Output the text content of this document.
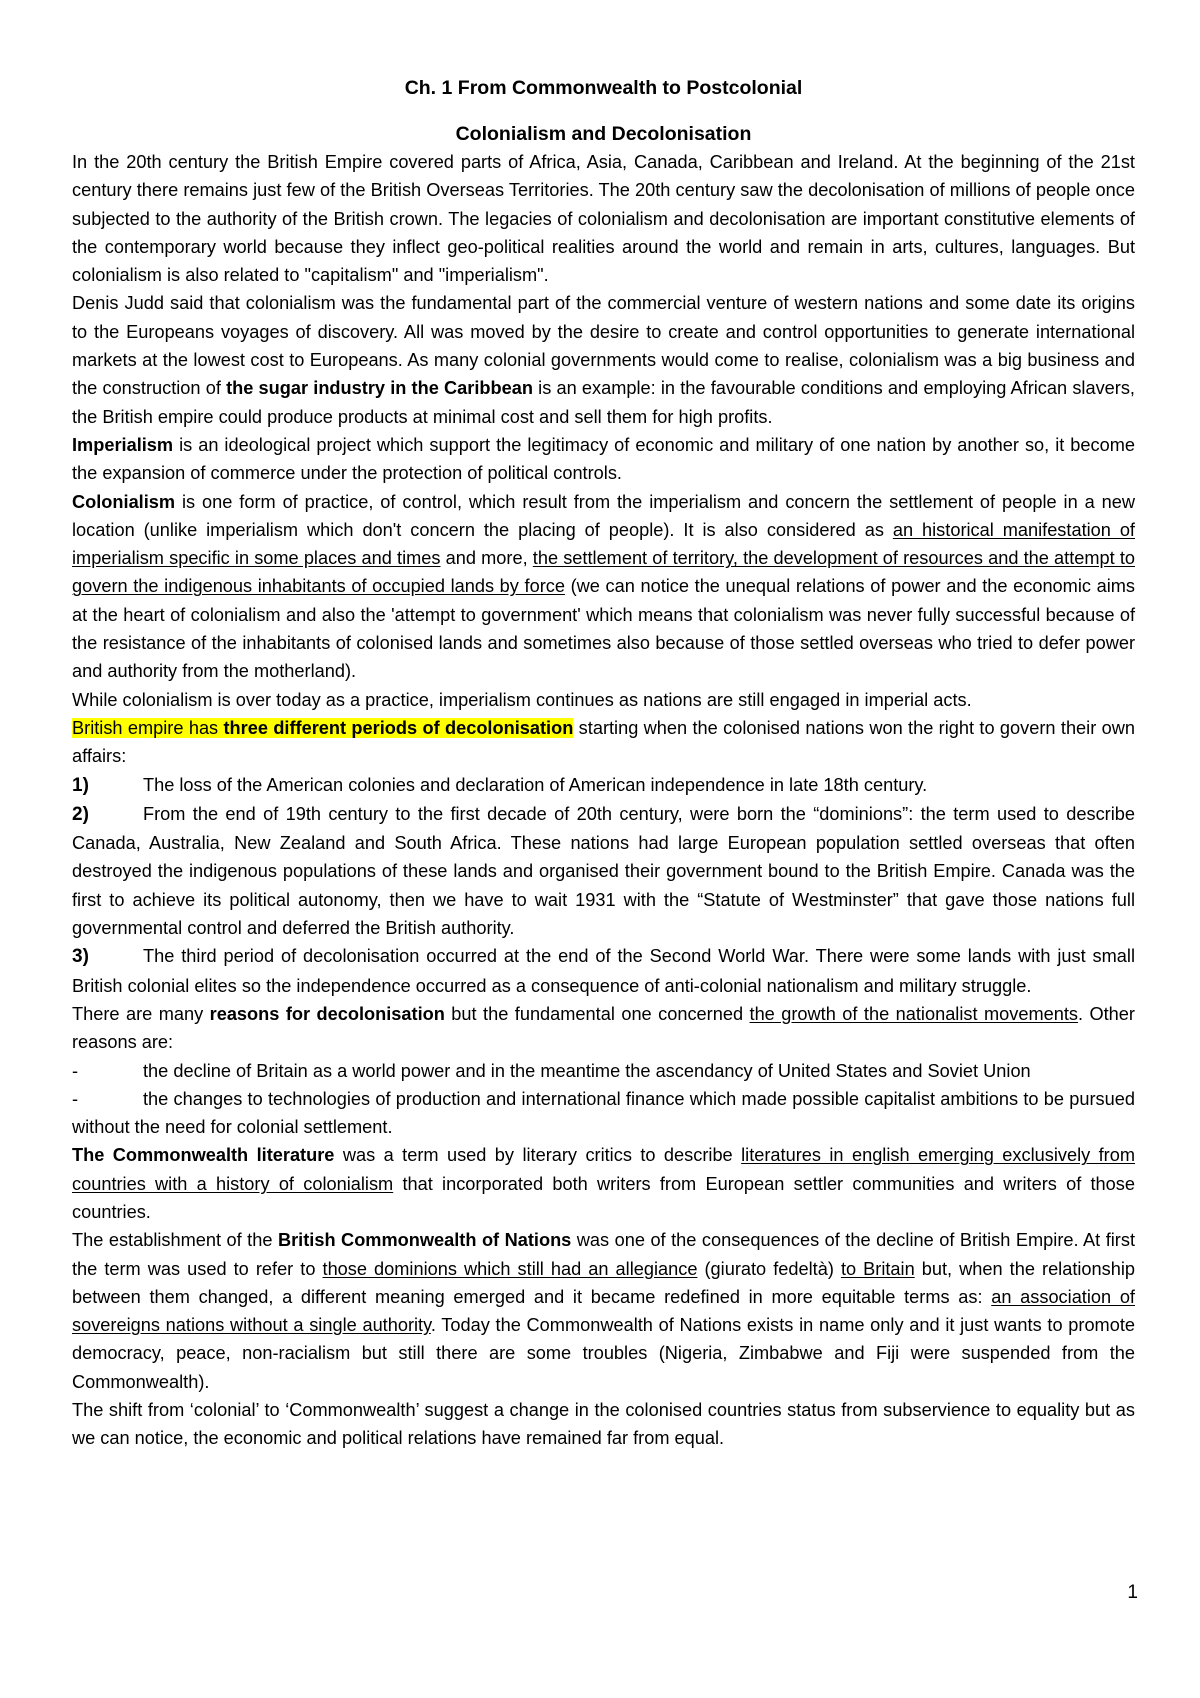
Ch. 1 From Commonwealth to Postcolonial
Colonialism and Decolonisation

In the 20th century the British Empire covered parts of Africa, Asia, Canada, Caribbean and Ireland. At the beginning of the 21st century there remains just few of the British Overseas Territories. The 20th century saw the decolonisation of millions of people once subjected to the authority of the British crown. The legacies of colonialism and decolonisation are important constitutive elements of the contemporary world because they inflect geo-political realities around the world and remain in arts, cultures, languages. But colonialism is also related to "capitalism" and "imperialism".

Denis Judd said that colonialism was the fundamental part of the commercial venture of western nations and some date its origins to the Europeans voyages of discovery. All was moved by the desire to create and control opportunities to generate international markets at the lowest cost to Europeans. As many colonial governments would come to realise, colonialism was a big business and the construction of the sugar industry in the Caribbean is an example: in the favourable conditions and employing African slavers, the British empire could produce products at minimal cost and sell them for high profits.

Imperialism is an ideological project which support the legitimacy of economic and military of one nation by another so, it become the expansion of commerce under the protection of political controls.

Colonialism is one form of practice, of control, which result from the imperialism and concern the settlement of people in a new location (unlike imperialism which don't concern the placing of people). It is also considered as an historical manifestation of imperialism specific in some places and times and more, the settlement of territory, the development of resources and the attempt to govern the indigenous inhabitants of occupied lands by force (we can notice the unequal relations of power and the economic aims at the heart of colonialism and also the 'attempt to government' which means that colonialism was never fully successful because of the resistance of the inhabitants of colonised lands and sometimes also because of those settled overseas who tried to defer power and authority from the motherland).

While colonialism is over today as a practice, imperialism continues as nations are still engaged in imperial acts.

British empire has three different periods of decolonisation starting when the colonised nations won the right to govern their own affairs:

1)	The loss of the American colonies and declaration of American independence in late 18th century.
2)	From the end of 19th century to the first decade of 20th century, were born the “dominions”: the term used to describe Canada, Australia, New Zealand and South Africa. These nations had large European population settled overseas that often destroyed the indigenous populations of these lands and organised their government bound to the British Empire. Canada was the first to achieve its political autonomy, then we have to wait 1931 with the “Statute of Westminster” that gave those nations full governmental control and deferred the British authority.
3)	The third period of decolonisation occurred at the end of the Second World War. There were some lands with just small British colonial elites so the independence occurred as a consequence of anti-colonial nationalism and military struggle.

There are many reasons for decolonisation but the fundamental one concerned the growth of the nationalist movements. Other reasons are:

-	the decline of Britain as a world power and in the meantime the ascendancy of United States and Soviet Union
-	the changes to technologies of production and international finance which made possible capitalist ambitions to be pursued without the need for colonial settlement.

The Commonwealth literature was a term used by literary critics to describe literatures in english emerging exclusively from countries with a history of colonialism that incorporated both writers from European settler communities and writers of those countries.

The establishment of the British Commonwealth of Nations was one of the consequences of the decline of British Empire. At first the term was used to refer to those dominions which still had an allegiance (giurato fedeltà) to Britain but, when the relationship between them changed, a different meaning emerged and it became redefined in more equitable terms as: an association of sovereigns nations without a single authority. Today the Commonwealth of Nations exists in name only and it just wants to promote democracy, peace, non-racialism but still there are some troubles (Nigeria, Zimbabwe and Fiji were suspended from the Commonwealth).

The shift from ‘colonial’ to ‘Commonwealth’ suggest a change in the colonised countries status from subservience to equality but as we can notice, the economic and political relations have remained far from equal.

1
